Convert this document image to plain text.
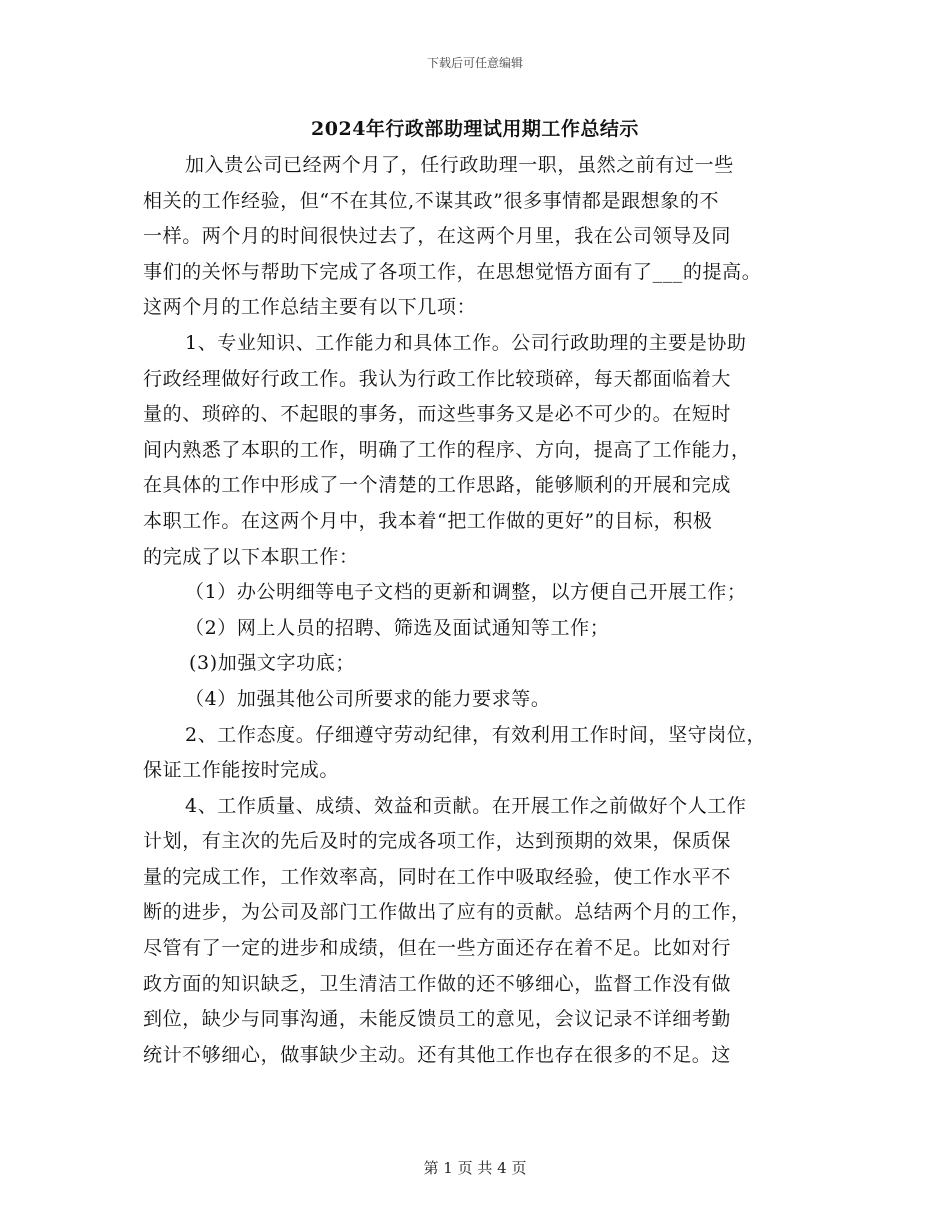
下载后可任意编辑
2024年行政部助理试用期工作总结示
加入贵公司已经两个月了，任行政助理一职，虽然之前有过一些
相关的工作经验，但“不在其位,不谋其政”很多事情都是跟想象的不
一样。两个月的时间很快过去了，在这两个月里，我在公司领导及同
事们的关怀与帮助下完成了各项工作，在思想觉悟方面有了___的提高。
这两个月的工作总结主要有以下几项：
1、专业知识、工作能力和具体工作。公司行政助理的主要是协助
行政经理做好行政工作。我认为行政工作比较琐碎，每天都面临着大
量的、琐碎的、不起眼的事务，而这些事务又是必不可少的。在短时
间内熟悉了本职的工作，明确了工作的程序、方向，提高了工作能力，
在具体的工作中形成了一个清楚的工作思路，能够顺利的开展和完成
本职工作。在这两个月中，我本着“把工作做的更好”的目标，积极
的完成了以下本职工作：
（1）办公明细等电子文档的更新和调整，以方便自己开展工作；
（2）网上人员的招聘、筛选及面试通知等工作；
(3)加强文字功底；
（4）加强其他公司所要求的能力要求等。
2、工作态度。仔细遵守劳动纪律，有效利用工作时间，坚守岗位，
保证工作能按时完成。
4、工作质量、成绩、效益和贡献。在开展工作之前做好个人工作
计划，有主次的先后及时的完成各项工作，达到预期的效果，保质保
量的完成工作，工作效率高，同时在工作中吸取经验，使工作水平不
断的进步，为公司及部门工作做出了应有的贡献。总结两个月的工作，
尽管有了一定的进步和成绩，但在一些方面还存在着不足。比如对行
政方面的知识缺乏，卫生清洁工作做的还不够细心，监督工作没有做
到位，缺少与同事沟通，未能反馈员工的意见，会议记录不详细考勤
统计不够细心，做事缺少主动。还有其他工作也存在很多的不足。这
第 1 页 共 4 页
